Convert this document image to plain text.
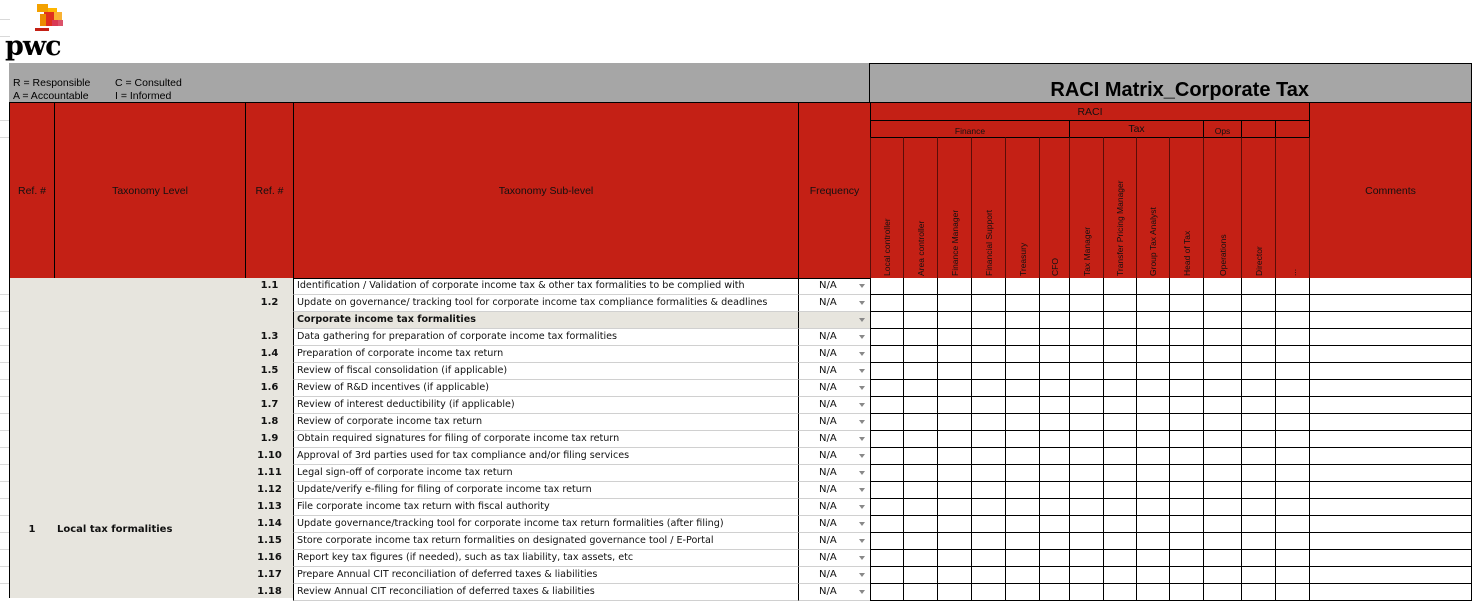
pwc
R = Responsible
A = Accountable
C = Consulted
I = Informed	RACI Matrix_Corporate Tax
Ref. #	Taxonomy Level	Ref. #	Taxonomy Sub-level	Frequency
RACI
Finance	Tax	Ops
Comments
Local controller	Area controller	Finance Manager	Financial Support	Treasury	CFO	Tax Manager	Transfer Pricing Manager	Group Tax Analyst	Head of Tax	Operations	Director	...
1	Local tax formalities
1.1	Identification / Validation of corporate income tax & other tax formalities to be complied with	N/A
1.2	Update on governance/ tracking tool for corporate income tax compliance formalities & deadlines	N/A
Corporate income tax formalities
1.3	Data gathering for preparation of corporate income tax formalities	N/A
1.4	Preparation of corporate income tax return	N/A
1.5	Review of fiscal consolidation (if applicable)	N/A
1.6	Review of R&D incentives (if applicable)	N/A
1.7	Review of interest deductibility (if applicable)	N/A
1.8	Review of corporate income tax return	N/A
1.9	Obtain required signatures for filing of corporate income tax return	N/A
1.10	Approval of 3rd parties used for tax compliance and/or filing services	N/A
1.11	Legal sign-off of corporate income tax return	N/A
1.12	Update/verify e-filing for filing of corporate income tax return	N/A
1.13	File corporate income tax return with fiscal authority	N/A
1.14	Update governance/tracking tool for corporate income tax return formalities (after filing)	N/A
1.15	Store corporate income tax return formalities on designated governance tool / E-Portal	N/A
1.16	Report key tax figures (if needed), such as tax liability, tax assets, etc	N/A
1.17	Prepare Annual CIT reconciliation of deferred taxes & liabilities	N/A
1.18	Review Annual CIT reconciliation of deferred taxes & liabilities	N/A
